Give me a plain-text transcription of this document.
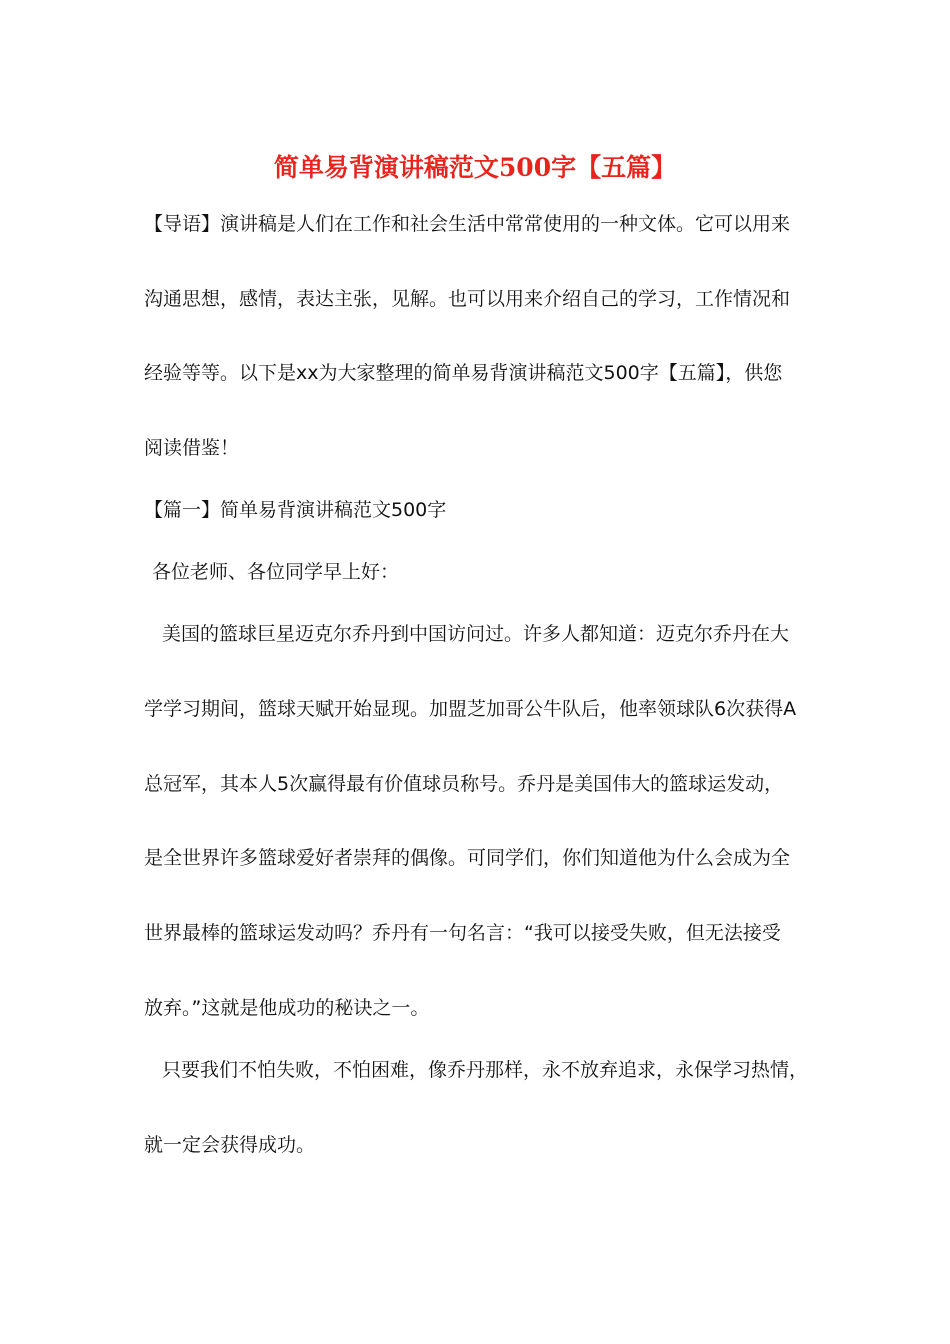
简单易背演讲稿范文500字【五篇】
【导语】演讲稿是人们在工作和社会生活中常常使用的一种文体。它可以用来
沟通思想，感情，表达主张，见解。也可以用来介绍自己的学习，工作情况和
经验等等。以下是xx为大家整理的简单易背演讲稿范文500字【五篇】，供您
阅读借鉴！
【篇一】简单易背演讲稿范文500字
各位老师、各位同学早上好：
美国的篮球巨星迈克尔乔丹到中国访问过。许多人都知道：迈克尔乔丹在大
学学习期间，篮球天赋开始显现。加盟芝加哥公牛队后，他率领球队6次获得A
总冠军，其本人5次赢得最有价值球员称号。乔丹是美国伟大的篮球运发动，
是全世界许多篮球爱好者崇拜的偶像。可同学们，你们知道他为什么会成为全
世界最棒的篮球运发动吗？乔丹有一句名言：“我可以接受失败，但无法接受
放弃。”这就是他成功的秘诀之一。
只要我们不怕失败，不怕困难，像乔丹那样，永不放弃追求，永保学习热情，
就一定会获得成功。
